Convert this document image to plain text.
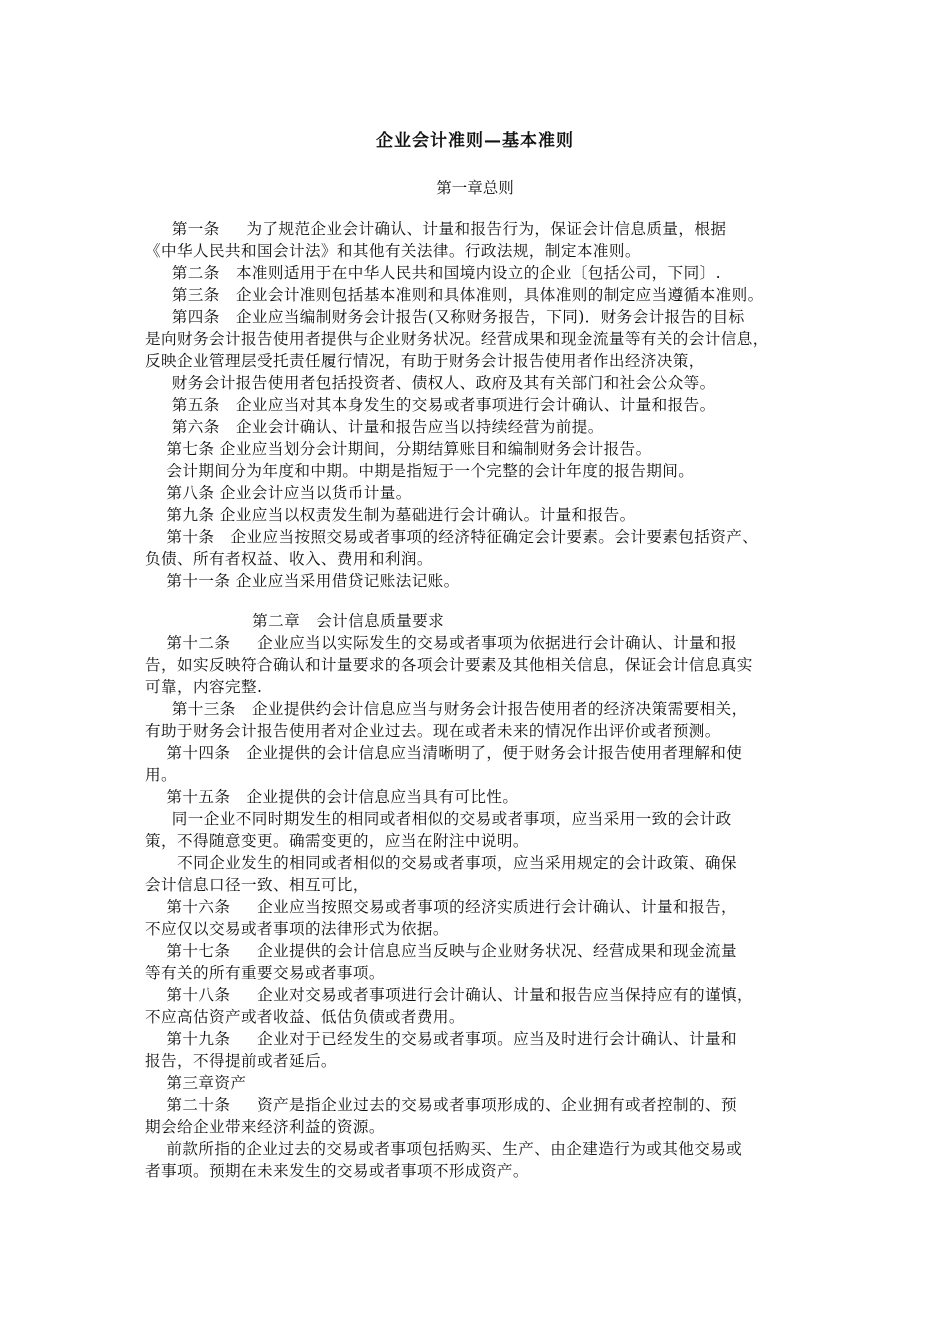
企业会计准则—基本准则
第一章总则
第一条     为了规范企业会计确认、计量和报告行为，保证会计信息质量，根据
《中华人民共和国会计法》和其他有关法律。行政法规，制定本准则。
第二条   本准则适用于在中华人民共和国境内设立的企业〔包括公司，下同〕.
第三条   企业会计准则包括基本准则和具体准则，具体准则的制定应当遵循本准则。
第四条   企业应当编制财务会计报告(又称财务报告，下同)．财务会计报告的目标
是向财务会计报告使用者提供与企业财务状况。经营成果和现金流量等有关的会计信息，
反映企业管理层受托责任履行情况，有助于财务会计报告使用者作出经济决策，
财务会计报告使用者包括投资者、债权人、政府及其有关部门和社会公众等。
第五条   企业应当对其本身发生的交易或者事项进行会计确认、计量和报告。
第六条   企业会计确认、计量和报告应当以持续经营为前提。
第七条 企业应当划分会计期间，分期结算账目和编制财务会计报告。
会计期间分为年度和中期。中期是指短于一个完整的会计年度的报告期间。
第八条 企业会计应当以货币计量。
第九条 企业应当以权责发生制为墓础进行会计确认。计量和报告。
第十条   企业应当按照交易或者事项的经济特征确定会计要素。会计要素包括资产、
负债、所有者权益、收入、费用和利润。
第十一条 企业应当采用借贷记账法记账。
第二章   会计信息质量要求
第十二条     企业应当以实际发生的交易或者事项为依据进行会计确认、计量和报
告，如实反映符合确认和计量要求的各项会计要素及其他相关信息，保证会计信息真实
可靠，内容完整.
第十三条   企业提供约会计信息应当与财务会计报告使用者的经济决策需要相关，
有助于财务会计报告使用者对企业过去。现在或者未来的情况作出评价或者预测。
第十四条   企业提供的会计信息应当清晰明了，便于财务会计报告使用者理解和使
用。
第十五条   企业提供的会计信息应当具有可比性。
同一企业不同时期发生的相同或者相似的交易或者事项，应当采用一致的会计政
策，不得随意变更。确需变更的，应当在附注中说明。
不同企业发生的相同或者相似的交易或者事项，应当采用规定的会计政策、确保
会计信息口径一致、相互可比，
第十六条     企业应当按照交易或者事项的经济实质进行会计确认、计量和报告，
不应仅以交易或者事项的法律形式为依据。
第十七条     企业提供的会计信息应当反映与企业财务状况、经营成果和现金流量
等有关的所有重要交易或者事项。
第十八条     企业对交易或者事项进行会计确认、计量和报告应当保持应有的谨慎，
不应高估资产或者收益、低估负债或者费用。
第十九条     企业对于已经发生的交易或者事项。应当及时进行会计确认、计量和
报告，不得提前或者延后。
第三章资产
第二十条     资产是指企业过去的交易或者事项形成的、企业拥有或者控制的、预
期会给企业带来经济利益的资源。
前款所指的企业过去的交易或者事项包括购买、生产、由企建造行为或其他交易或
者事项。预期在未来发生的交易或者事项不形成资产。
